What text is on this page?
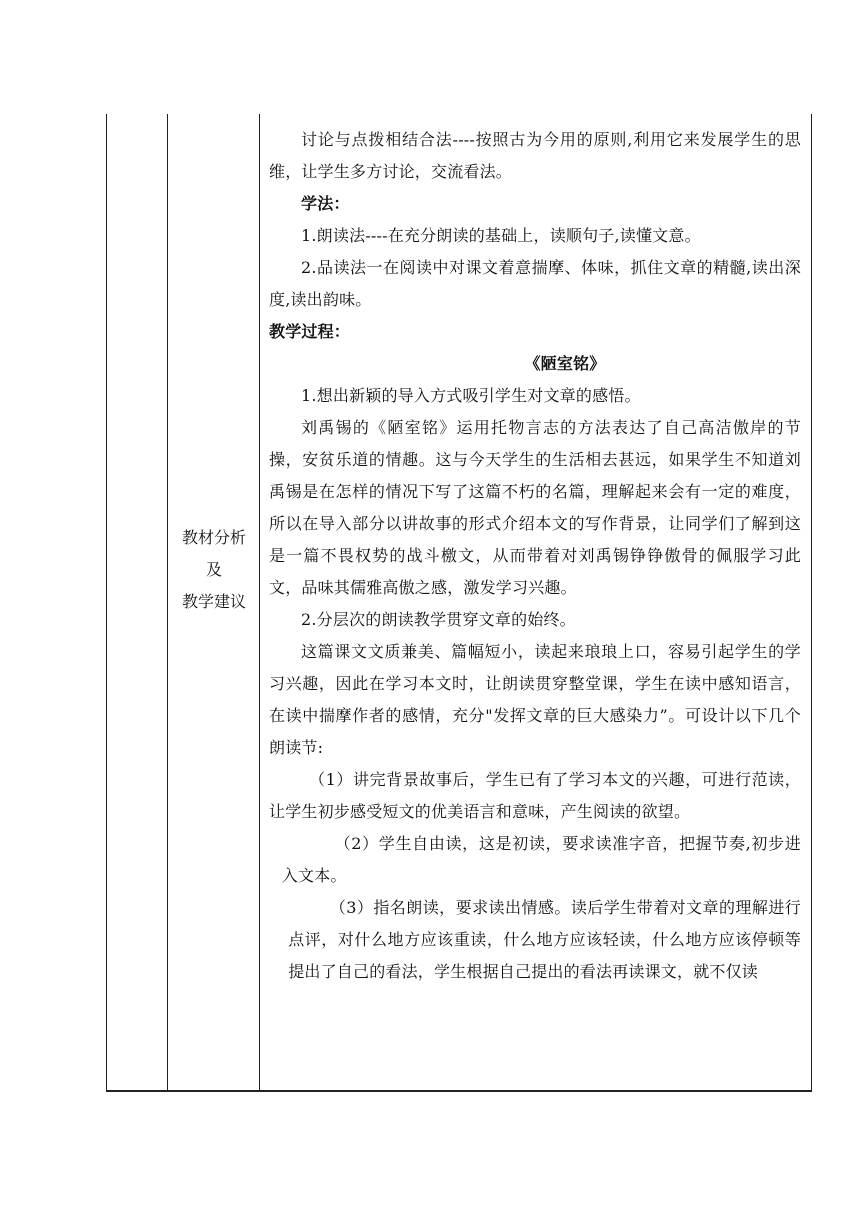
教材分析
及
教学建议

讨论与点拨相结合法----按照古为今用的原则,利用它来发展学生的思维，让学生多方讨论，交流看法。

学法：

1.朗读法----在充分朗读的基础上，读顺句子,读懂文意。

2.品读法一在阅读中对课文着意揣摩、体味，抓住文章的精髓,读出深度,读出韵味。

教学过程：

《陋室铭》

1.想出新颖的导入方式吸引学生对文章的感悟。

刘禹锡的《陋室铭》运用托物言志的方法表达了自己高洁傲岸的节操，安贫乐道的情趣。这与今天学生的生活相去甚远，如果学生不知道刘禹锡是在怎样的情况下写了这篇不朽的名篇，理解起来会有一定的难度，所以在导入部分以讲故事的形式介绍本文的写作背景，让同学们了解到这是一篇不畏权势的战斗檄文，从而带着对刘禹锡铮铮傲骨的佩服学习此文，品味其儒雅高傲之感，激发学习兴趣。

2.分层次的朗读教学贯穿文章的始终。

这篇课文文质兼美、篇幅短小，读起来琅琅上口，容易引起学生的学习兴趣，因此在学习本文时，让朗读贯穿整堂课，学生在读中感知语言，在读中揣摩作者的感情，充分"发挥文章的巨大感染力”。可设计以下几个朗读节:

（1）讲完背景故事后，学生已有了学习本文的兴趣，可进行范读，让学生初步感受短文的优美语言和意味，产生阅读的欲望。

（2）学生自由读，这是初读，要求读准字音，把握节奏,初步进入文本。

（3）指名朗读，要求读出情感。读后学生带着对文章的理解进行点评，对什么地方应该重读，什么地方应该轻读，什么地方应该停顿等提出了自己的看法，学生根据自己提出的看法再读课文，就不仅读
